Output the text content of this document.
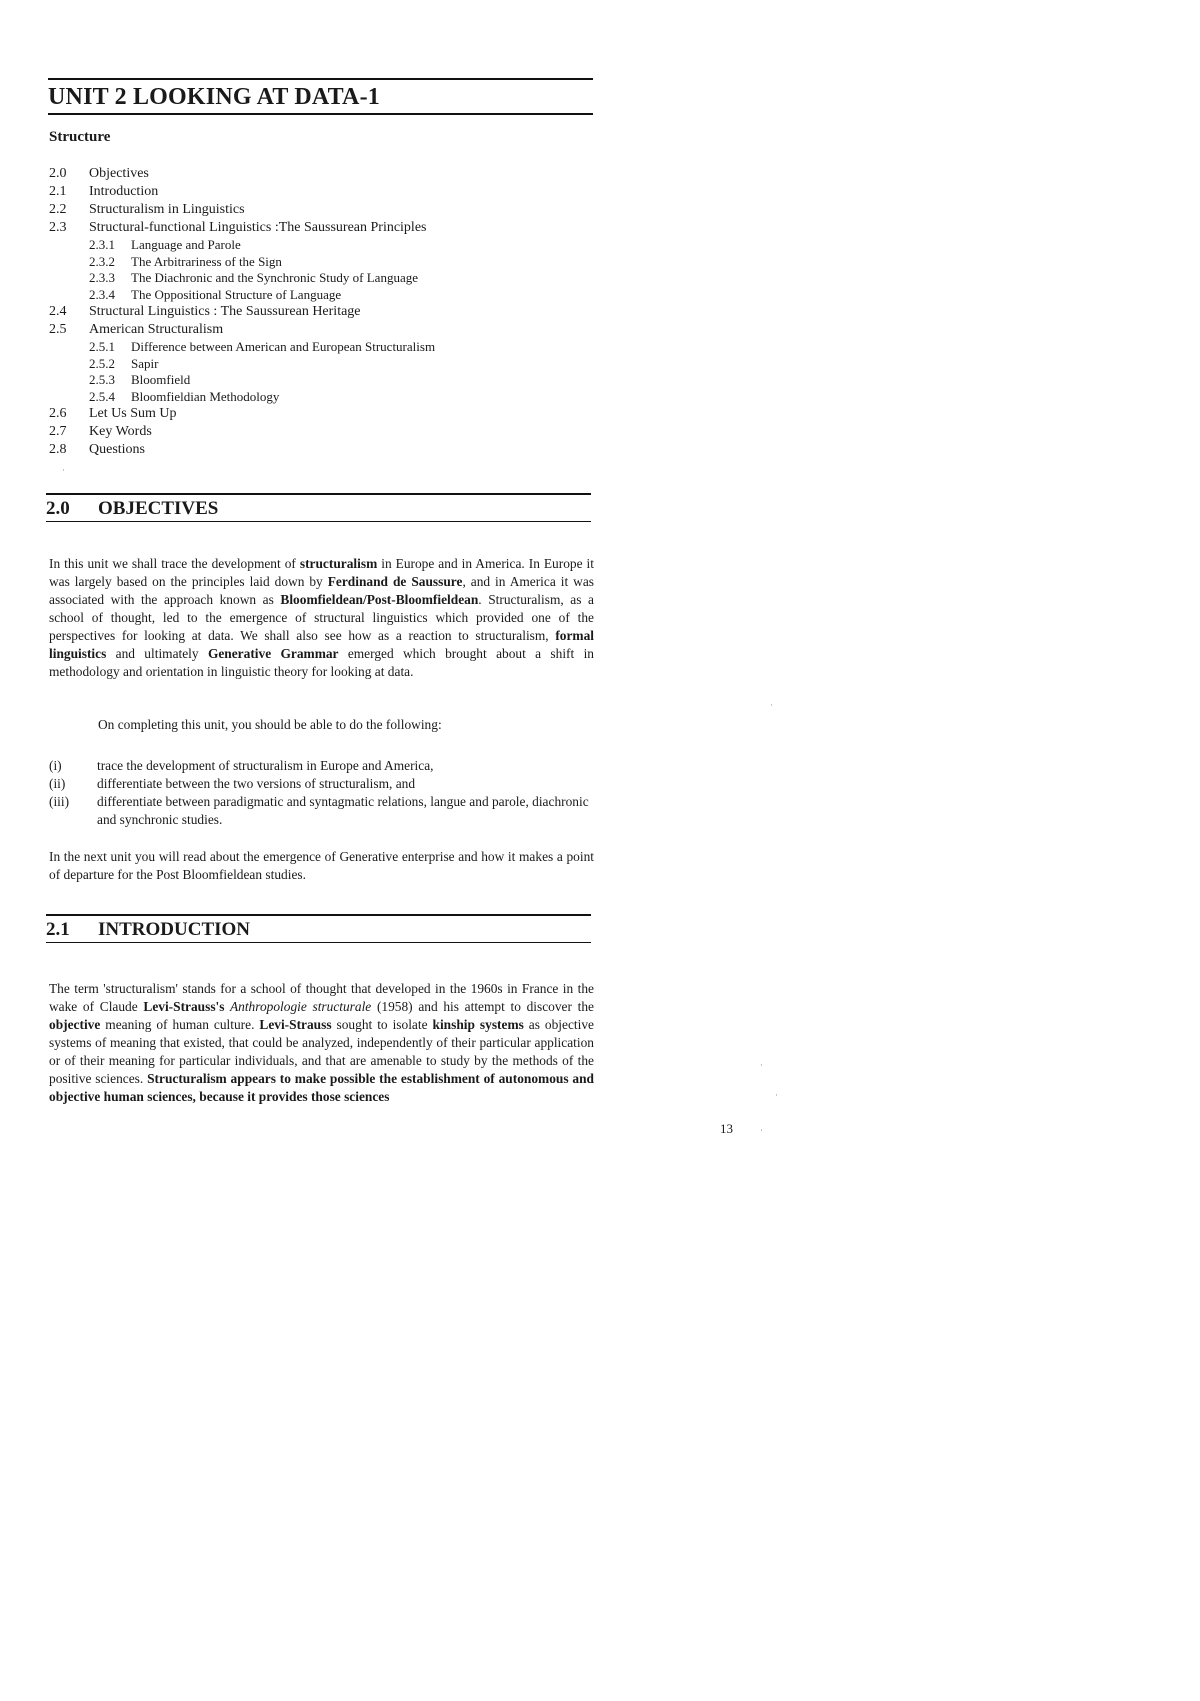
UNIT 2 LOOKING AT DATA-1
Structure
2.0 Objectives
2.1 Introduction
2.2 Structuralism in Linguistics
2.3 Structural-functional Linguistics :The Saussurean Principles
2.3.1 Language and Parole
2.3.2 The Arbitrariness of the Sign
2.3.3 The Diachronic and the Synchronic Study of Language
2.3.4 The Oppositional Structure of Language
2.4 Structural Linguistics : The Saussurean Heritage
2.5 American Structuralism
2.5.1 Difference between American and European Structuralism
2.5.2 Sapir
2.5.3 Bloomfield
2.5.4 Bloomfieldian Methodology
2.6 Let Us Sum Up
2.7 Key Words
2.8 Questions
2.0 OBJECTIVES
In this unit we shall trace the development of structuralism in Europe and in America. In Europe it was largely based on the principles laid down by Ferdinand de Saussure, and in America it was associated with the approach known as Bloomfieldean/Post-Bloomfieldean. Structuralism, as a school of thought, led to the emergence of structural linguistics which provided one of the perspectives for looking at data. We shall also see how as a reaction to structuralism, formal linguistics and ultimately Generative Grammar emerged which brought about a shift in methodology and orientation in linguistic theory for looking at data.
On completing this unit, you should be able to do the following:
(i)	trace the development of structuralism in Europe and America,
(ii) differentiate between the two versions of structuralism, and
(iii) differentiate between paradigmatic and syntagmatic relations, langue and parole, diachronic and synchronic studies.
In the next unit you will read about the emergence of Generative enterprise and how it makes a point of departure for the Post Bloomfieldean studies.
2.1 INTRODUCTION
The term 'structuralism' stands for a school of thought that developed in the 1960s in France in the wake of Claude Levi-Strauss's Anthropologie structurale (1958) and his attempt to discover the objective meaning of human culture. Levi-Strauss sought to isolate kinship systems as objective systems of meaning that existed, that could be analyzed, independently of their particular application or of their meaning for particular individuals, and that are amenable to study by the methods of the positive sciences. Structuralism appears to make possible the establishment of autonomous and objective human sciences, because it provides those sciences
13
·
·
·
·
·
